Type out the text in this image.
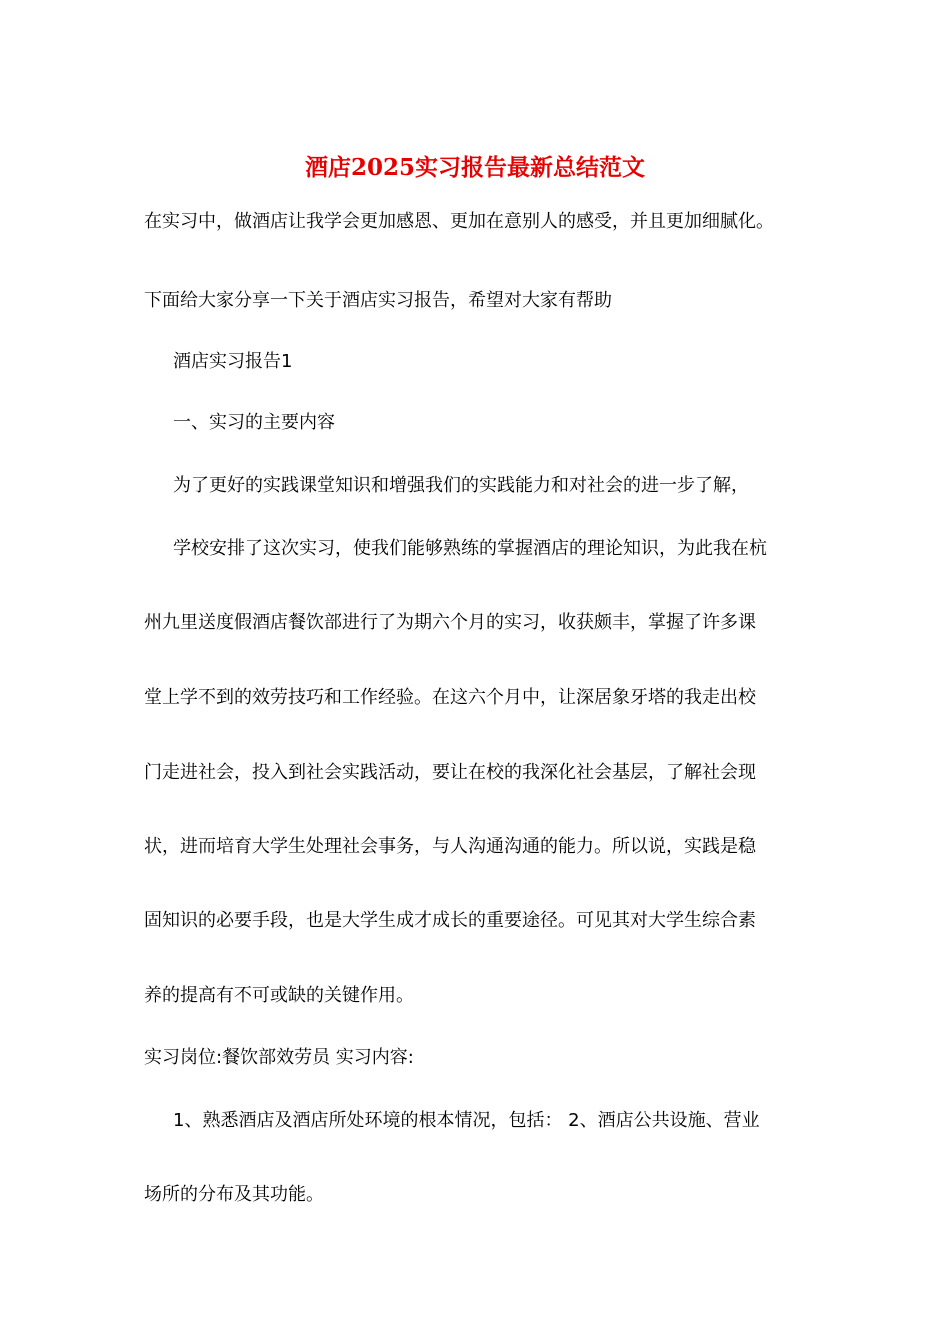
酒店2025实习报告最新总结范文
在实习中，做酒店让我学会更加感恩、更加在意别人的感受，并且更加细腻化。
下面给大家分享一下关于酒店实习报告，希望对大家有帮助
酒店实习报告1
一、实习的主要内容
为了更好的实践课堂知识和增强我们的实践能力和对社会的进一步了解，
学校安排了这次实习，使我们能够熟练的掌握酒店的理论知识，为此我在杭
州九里送度假酒店餐饮部进行了为期六个月的实习，收获颇丰，掌握了许多课
堂上学不到的效劳技巧和工作经验。在这六个月中，让深居象牙塔的我走出校
门走进社会，投入到社会实践活动，要让在校的我深化社会基层，了解社会现
状，进而培育大学生处理社会事务，与人沟通沟通的能力。所以说，实践是稳
固知识的必要手段，也是大学生成才成长的重要途径。可见其对大学生综合素
养的提高有不可或缺的关键作用。
实习岗位:餐饮部效劳员 实习内容:
1、熟悉酒店及酒店所处环境的根本情况，包括： 2、酒店公共设施、营业
场所的分布及其功能。
